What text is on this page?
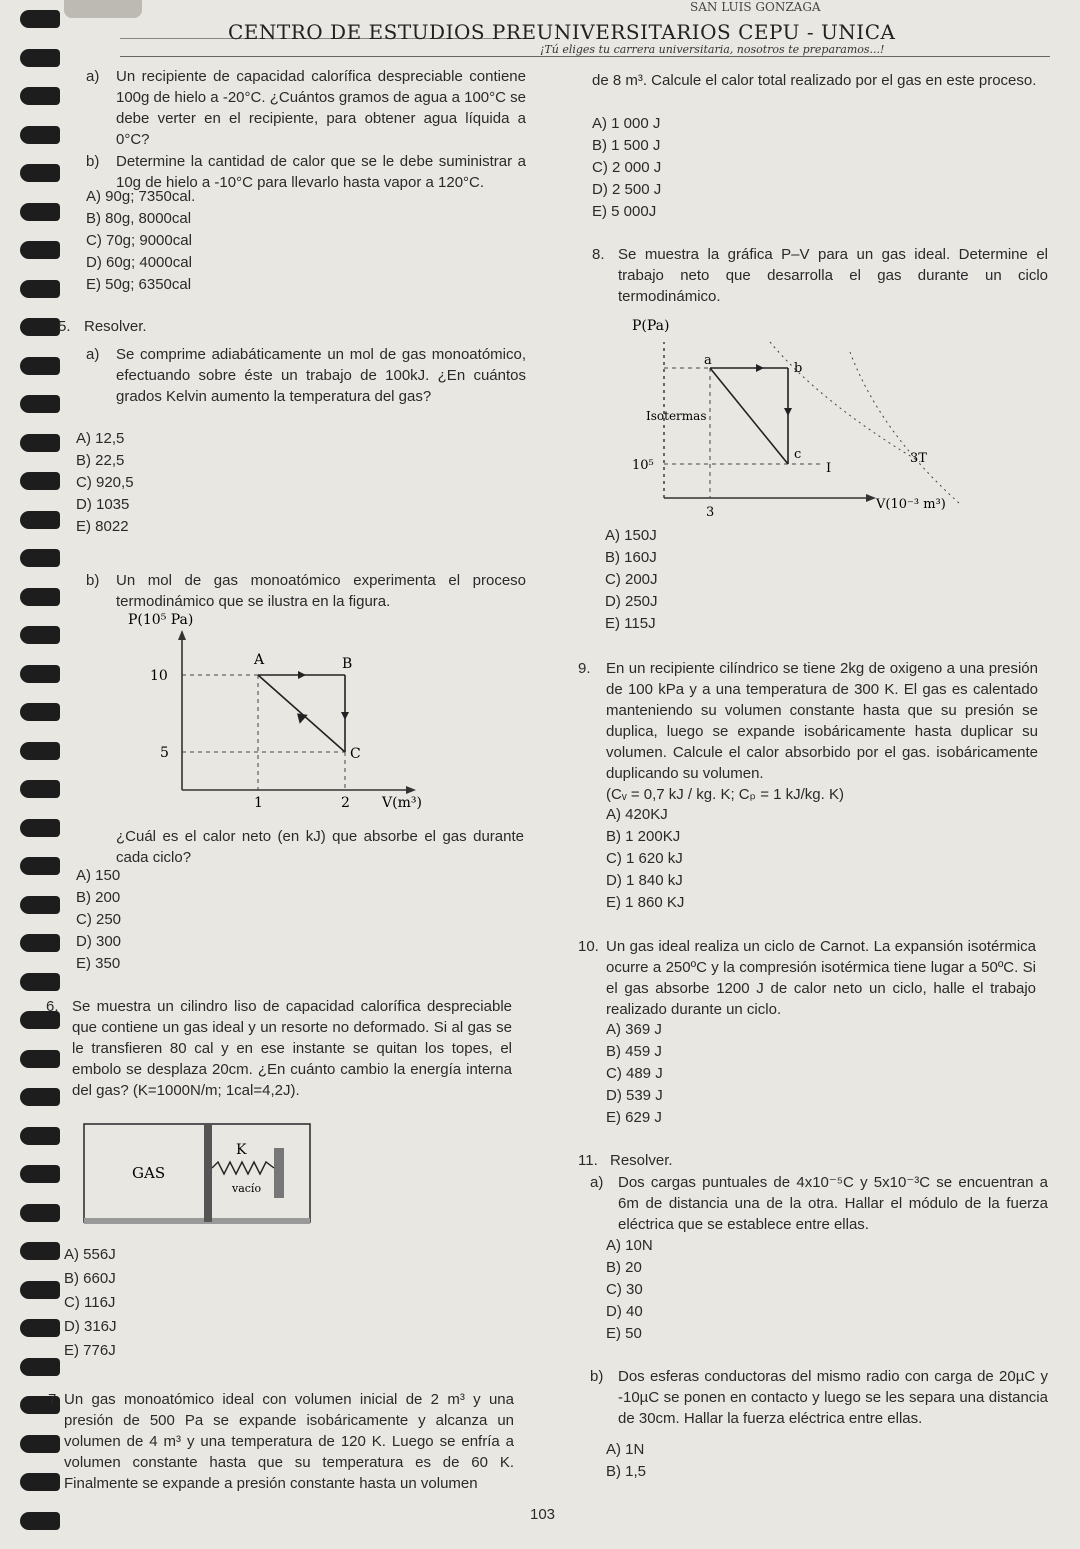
SAN LUIS GONZAGA
CENTRO DE ESTUDIOS PREUNIVERSITARIOS CEPU - UNICA
¡Tú eliges tu carrera universitaria, nosotros te preparamos...!
a) Un recipiente de capacidad calorífica despreciable contiene 100g de hielo a -20°C. ¿Cuántos gramos de agua a 100°C se debe verter en el recipiente, para obtener agua líquida a 0°C?
b) Determine la cantidad de calor que se le debe suministrar a 10g de hielo a -10°C para llevarlo hasta vapor a 120°C.
A) 90g; 7350cal.
B) 80g, 8000cal
C) 70g; 9000cal
D) 60g; 4000cal
E) 50g; 6350cal
5. Resolver.
a) Se comprime adiabáticamente un mol de gas monoatómico, efectuando sobre éste un trabajo de 100kJ. ¿En cuántos grados Kelvin aumento la temperatura del gas?
A) 12,5
B) 22,5
C) 920,5
D) 1035
E) 8022
b) Un mol de gas monoatómico experimenta el proceso termodinámico que se ilustra en la figura.
P(10⁵ Pa)
A	B
C
10
5
1	2 V(m³)
¿Cuál es el calor neto (en kJ) que absorbe el gas durante cada ciclo?
A) 150
B) 200
C) 250
D) 300
E) 350
6. Se muestra un cilindro liso de capacidad calorífica despreciable que contiene un gas ideal y un resorte no deformado. Si al gas se le transfieren 80 cal y en ese instante se quitan los topes, el embolo se desplaza 20cm. ¿En cuánto cambio la energía interna del gas? (K=1000N/m; 1cal=4,2J).
GAS
K
vacío
A) 556J
B) 660J
C) 116J
D) 316J
E) 776J
7. Un gas monoatómico ideal con volumen inicial de 2 m³ y una presión de 500 Pa se expande isobáricamente y alcanza un volumen de 4 m³ y una temperatura de 120 K. Luego se enfría a volumen constante hasta que su temperatura es de 60 K. Finalmente se expande a presión constante hasta un volumen
de 8 m³. Calcule el calor total realizado por el gas en este proceso.
A) 1 000 J
B) 1 500 J
C) 2 000 J
D) 2 500 J
E) 5 000J
8. Se muestra la gráfica P–V para un gas ideal. Determine el trabajo neto que desarrolla el gas durante un ciclo termodinámico.
P(Pa)
a
b
c
Isotermas
I
3T
10⁵
3
V(10⁻³ m³)
A) 150J
B) 160J
C) 200J
D) 250J
E) 115J
9. En un recipiente cilíndrico se tiene 2kg de oxigeno a una presión de 100 kPa y a una temperatura de 300 K. El gas es calentado manteniendo su volumen constante hasta que su presión se duplica, luego se expande isobáricamente hasta duplicar su volumen. Calcule el calor absorbido por el gas. isobáricamente duplicando su volumen.
(Cᵥ = 0,7 kJ / kg. K; Cₚ = 1 kJ/kg. K)
A) 420KJ
B) 1 200KJ
C) 1 620 kJ
D) 1 840 kJ
E) 1 860 KJ
10. Un gas ideal realiza un ciclo de Carnot. La expansión isotérmica ocurre a 250ºC y la compresión isotérmica tiene lugar a 50ºC. Si el gas absorbe 1200 J de calor neto un ciclo, halle el trabajo realizado durante un ciclo.
A) 369 J
B) 459 J
C) 489 J
D) 539 J
E) 629 J
11. Resolver.
a) Dos cargas puntuales de 4x10⁻⁵C y 5x10⁻³C se encuentran a 6m de distancia una de la otra. Hallar el módulo de la fuerza eléctrica que se establece entre ellas.
A) 10N
B) 20
C) 30
D) 40
E) 50
b) Dos esferas conductoras del mismo radio con carga de 20µC y -10µC se ponen en contacto y luego se les separa una distancia de 30cm. Hallar la fuerza eléctrica entre ellas.
A) 1N
B) 1,5
103
